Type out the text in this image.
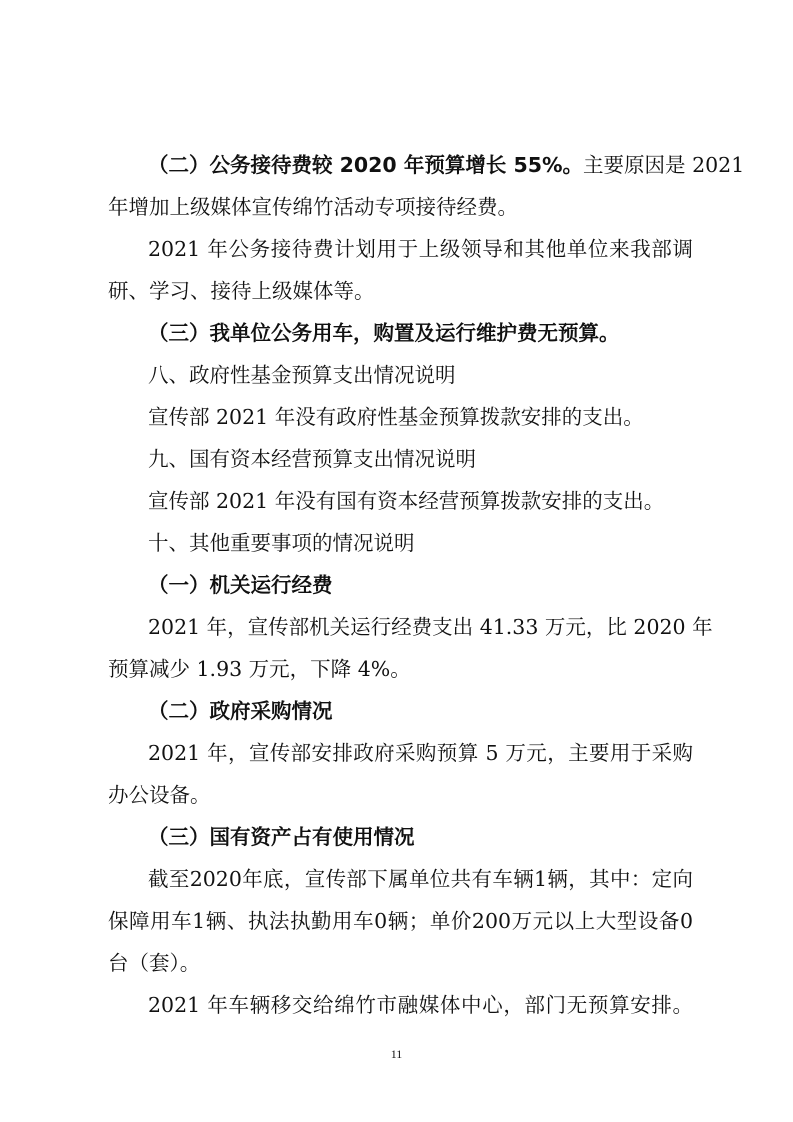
（二）公务接待费较 2020 年预算增长 55%。主要原因是 2021
年增加上级媒体宣传绵竹活动专项接待经费。
2021 年公务接待费计划用于上级领导和其他单位来我部调
研、学习、接待上级媒体等。
（三）我单位公务用车，购置及运行维护费无预算。
八、政府性基金预算支出情况说明
宣传部 2021 年没有政府性基金预算拨款安排的支出。
九、国有资本经营预算支出情况说明
宣传部 2021 年没有国有资本经营预算拨款安排的支出。
十、其他重要事项的情况说明
（一）机关运行经费
2021 年，宣传部机关运行经费支出 41.33 万元，比 2020 年
预算减少 1.93 万元，下降 4%。
（二）政府采购情况
2021 年，宣传部安排政府采购预算 5 万元，主要用于采购
办公设备。
（三）国有资产占有使用情况
截至2020年底，宣传部下属单位共有车辆1辆，其中：定向
保障用车1辆、执法执勤用车0辆；单价200万元以上大型设备0
台（套）。
2021 年车辆移交给绵竹市融媒体中心，部门无预算安排。
11
